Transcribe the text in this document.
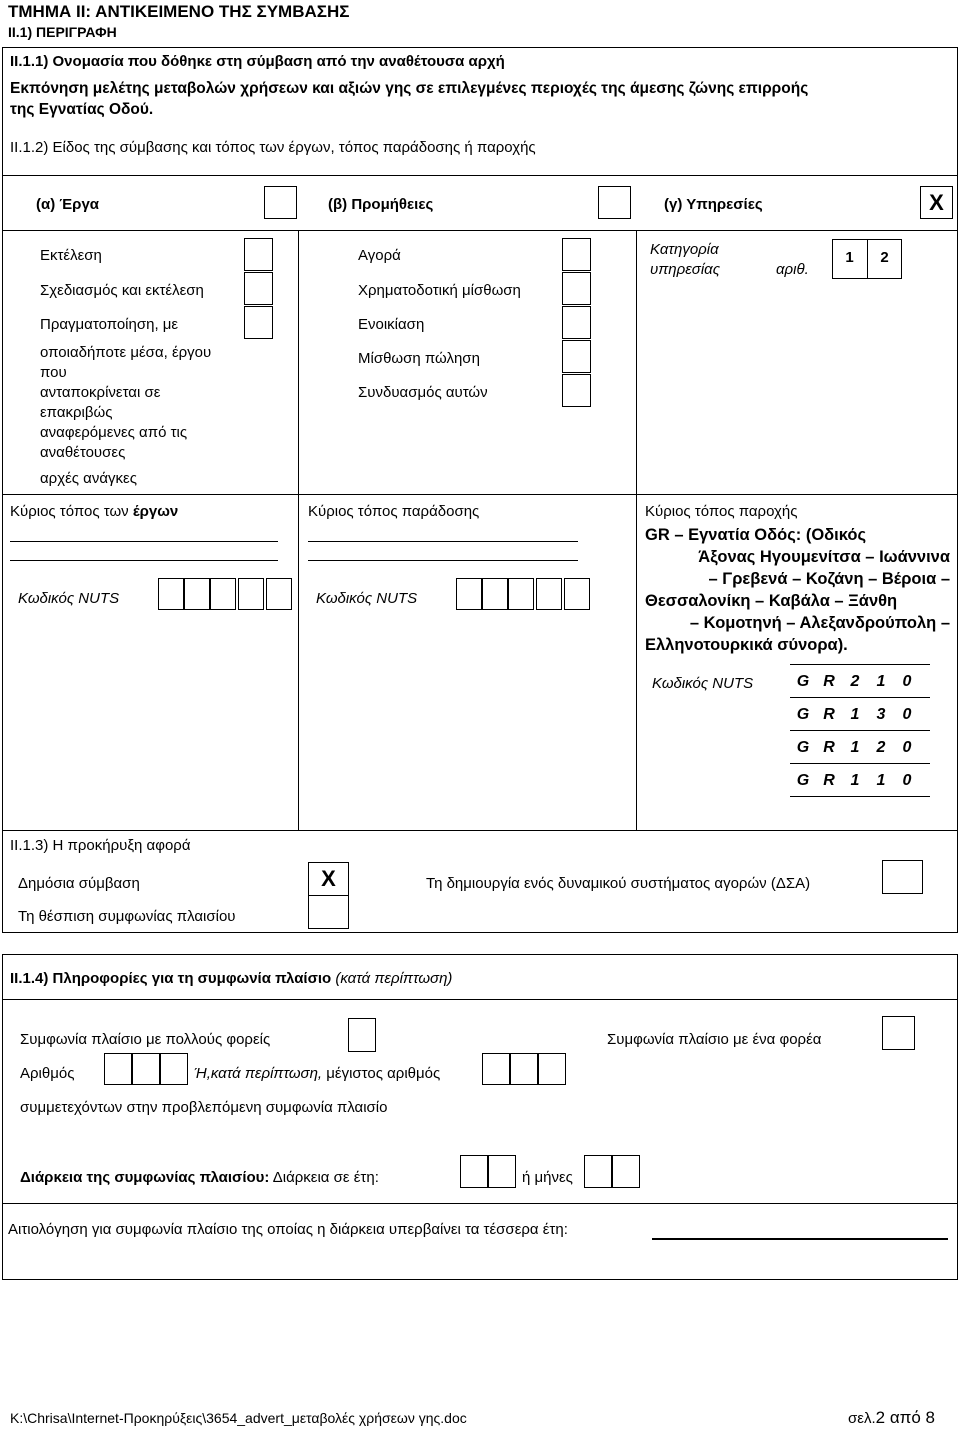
ΤΜΗΜΑ ΙΙ: ΑΝΤΙΚΕΙΜΕΝΟ ΤΗΣ ΣΥΜΒΑΣΗΣ
ΙΙ.1) ΠΕΡΙΓΡΑΦΗ
ΙΙ.1.1) Ονομασία που δόθηκε στη σύμβαση από την αναθέτουσα αρχή
Εκπόνηση μελέτης μεταβολών χρήσεων και αξιών γης σε επιλεγμένες περιοχές της άμεσης ζώνης επιρροής
της Εγνατίας Οδού.
ΙΙ.1.2) Είδος της σύμβασης και τόπος των έργων, τόπος παράδοσης ή παροχής
(α) Έργα	(β) Προμήθειες	(γ) Υπηρεσίες	X
Εκτέλεση
Σχεδιασμός και εκτέλεση
Πραγματοποίηση, με
οποιαδήποτε μέσα, έργου
που
ανταποκρίνεται σε
επακριβώς
αναφερόμενες από τις
αναθέτουσες
αρχές ανάγκες
Αγορά
Χρηματοδοτική μίσθωση
Ενοικίαση
Μίσθωση πώληση
Συνδυασμός αυτών
Κατηγορία
υπηρεσίας	αριθ.
1	2
Κύριος τόπος των έργων
Κωδικός NUTS
Κύριος τόπος παράδοσης
Κωδικός NUTS
Κύριος τόπος παροχής
GR – Εγνατία Οδός: (Οδικός
Άξονας Ηγουμενίτσα – Ιωάννινα
– Γρεβενά – Κοζάνη – Βέροια –
Θεσσαλονίκη – Καβάλα – Ξάνθη
– Κομοτηνή – Αλεξανδρούπολη –
Ελληνοτουρκικά σύνορα).
Κωδικός NUTS	G R 2 1 0
G R 1 3 0
G R 1 2 0
G R 1 1 0
ΙΙ.1.3) Η προκήρυξη αφορά
Δημόσια σύμβαση	X
Τη θέσπιση συμφωνίας πλαισίου
Τη δημιουργία ενός δυναμικού συστήματος αγορών (ΔΣΑ)
ΙΙ.1.4) Πληροφορίες για τη συμφωνία πλαίσιο (κατά περίπτωση)
Συμφωνία πλαίσιο με πολλούς φορείς	Συμφωνία πλαίσιο με ένα φορέα
Αριθμός	Ή,κατά περίπτωση, μέγιστος αριθμός
συμμετεχόντων στην προβλεπόμενη συμφωνία πλαισίο
Διάρκεια της συμφωνίας πλαισίου: Διάρκεια σε έτη:	ή μήνες
Αιτιολόγηση για συμφωνία πλαίσιο της οποίας η διάρκεια υπερβαίνει τα τέσσερα έτη:
K:\Chrisa\Internet-Προκηρύξεις\3654_advert_μεταβολές χρήσεων γης.doc	σελ.2 από 8
